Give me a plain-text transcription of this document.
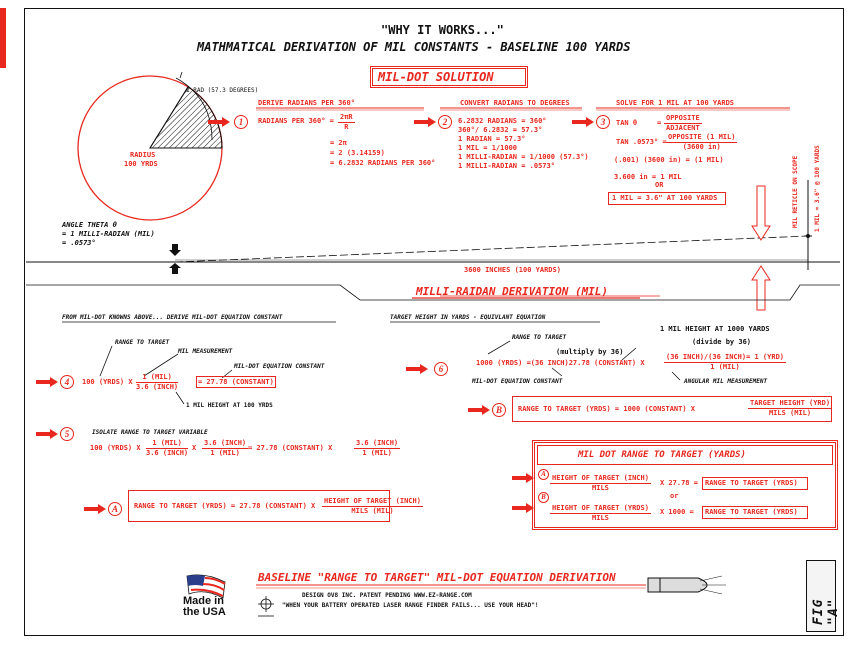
"WHY IT WORKS..."
MATHMATICAL DERIVATION OF MIL CONSTANTS - BASELINE 100 YARDS
MIL-DOT SOLUTION
1 RAD (57.3 DEGREES)
RADIUS
100 YRDS
1
DERIVE RADIANS PER 360°
RADIANS PER $360^\circ = \frac{2\pi R}{R}$
= 2π
= 2 (3.14159)
= 6.2832 RADIANS PER 360°
2
CONVERT RADIANS TO DEGREES
6.2832 RADIANS = 360°
360°/ 6.2832 = 57.3°
1 RADIAN = 57.3°
1 MIL = 1/1000
1 MILLI-RADIAN = 1/1000 (57.3°)
1 MILLI-RADIAN = .0573°
3
SOLVE FOR 1 MIL AT 100 YARDS
TAN θ	=
OPPOSITE
ADJACENT
TAN .0573° =
OPPOSITE (1 MIL)
(3600 in)
(.001) (3600 in) = (1 MIL)
3.600 in = 1 MIL
OR
1 MIL = 3.6" AT 100 YARDS	MIL RETICLE ON SCOPE	1 MIL = 3.6" @ 100 YARDS
ANGLE THETA θ
= 1 MILLI-RADIAN (MIL)
= .0573°
3600 INCHES (100 YARDS)
MILLI-RAIDAN DERIVATION (MIL)
FROM MIL-DOT KNOWNS ABOVE... DERIVE MIL-DOT EQUATION CONSTANT
RANGE TO TARGET
MIL MEASUREMENT
MIL-DOT EQUATION CONSTANT
4	100 (YRDS) X
1 (MIL)
3.6 (INCH)
= 27.78 (CONSTANT)
1 MIL HEIGHT AT 100 YRDS
5	ISOLATE RANGE TO TARGET VARIABLE
100 (YRDS) X
1 (MIL)
3.6 (INCH)
X
3.6 (INCH)
1 (MIL)
= 27.78 (CONSTANT) X
3.6 (INCH)
1 (MIL)
A	RANGE TO TARGET (YRDS) = 27.78 (CONSTANT) X
HEIGHT OF TARGET (INCH)
MILS (MIL)
TARGET HEIGHT IN YARDS - EQUIVLANT EQUATION
1 MIL HEIGHT AT 1000 YARDS
RANGE TO TARGET
(divide by 36)
(multiply by 36)
6
1000 (YRDS) =(36 INCH)27.78 (CONSTANT) X
(36 INCH)/(36 INCH)= 1 (YRD)
1 (MIL)
MIL-DOT EQUATION CONSTANT	ANGULAR MIL MEASUREMENT
B	RANGE TO TARGET (YRDS) = 1000 (CONSTANT) X
TARGET HEIGHT (YRD)
MILS (MIL)
MIL DOT RANGE TO TARGET (YARDS)
A HEIGHT OF TARGET (INCH)
MILS
X 27.78 = RANGE TO TARGET (YRDS)
or
B
HEIGHT OF TARGET (YRDS)
MILS
X 1000 = RANGE TO TARGET (YRDS)
Made in
the USA
BASELINE "RANGE TO TARGET" MIL-DOT EQUATION DERIVATION
DESIGN OV8 INC. PATENT PENDING WWW.EZ-RANGE.COM
"WHEN YOUR BATTERY OPERATED LASER RANGE FINDER FAILS... USE YOUR HEAD"!	FIG "A"
